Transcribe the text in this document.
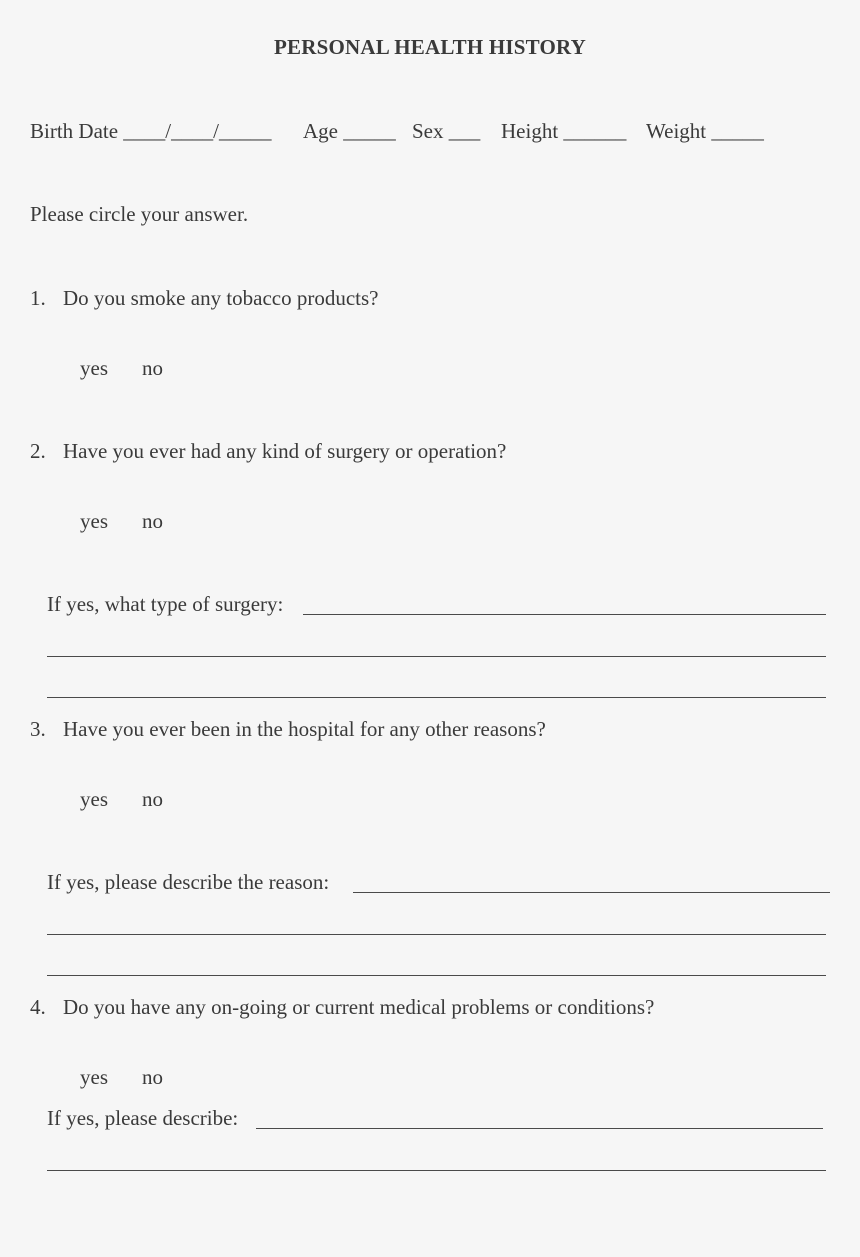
PERSONAL HEALTH HISTORY
Birth Date ____/____/_____ Age _____ Sex ___ Height ______ Weight _____
Please circle your answer.
1. Do you smoke any tobacco products?
yes no
2. Have you ever had any kind of surgery or operation?
yes no
If yes, what type of surgery:
3. Have you ever been in the hospital for any other reasons?
yes no
If yes, please describe the reason:
4. Do you have any on-going or current medical problems or conditions?
yes no
If yes, please describe:
